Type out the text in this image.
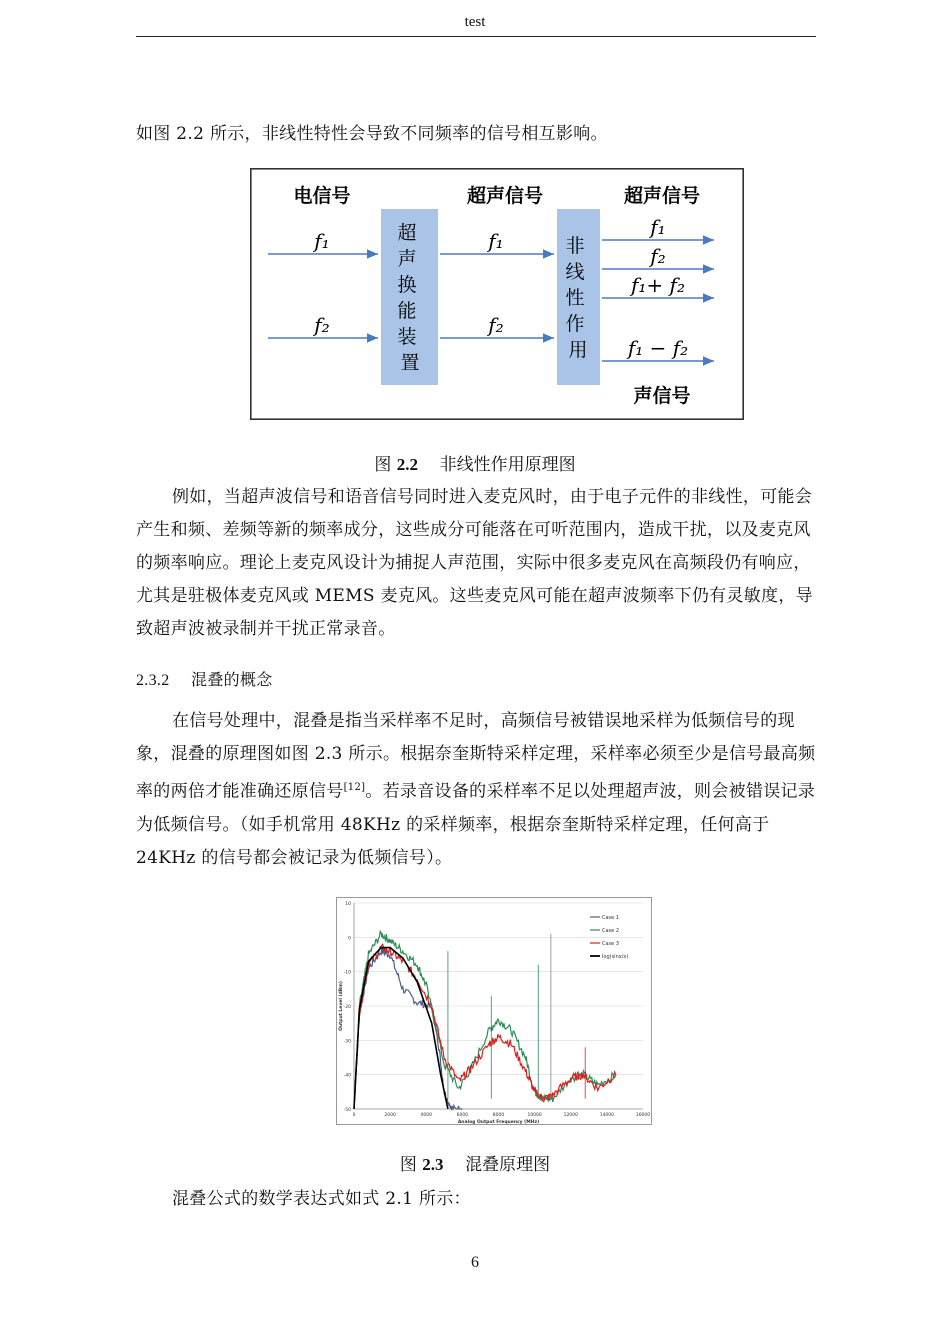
test
如图 2.2 所示，非线性特性会导致不同频率的信号相互影响。
电信号	超声信号	超声信号
超 声 换 能 装 置
非 线 性 作 用
f₁
f₂
f₁
f₂
f₁
f₂
f₁+ f₂
f₁ − f₂
声信号
图 2.2 非线性作用原理图
例如，当超声波信号和语音信号同时进入麦克风时，由于电子元件的非线性，可能会产生和频、差频等新的频率成分，这些成分可能落在可听范围内，造成干扰，以及麦克风的频率响应。理论上麦克风设计为捕捉人声范围，实际中很多麦克风在高频段仍有响应，尤其是驻极体麦克风或 MEMS 麦克风。这些麦克风可能在超声波频率下仍有灵敏度，导致超声波被录制并干扰正常录音。
2.3.2 混叠的概念
在信号处理中，混叠是指当采样率不足时，高频信号被错误地采样为低频信号的现象，混叠的原理图如图 2.3 所示。根据奈奎斯特采样定理，采样率必须至少是信号最高频率的两倍才能准确还原信号[12]。若录音设备的采样率不足以处理超声波，则会被错误记录为低频信号。（如手机常用 48KHz 的采样频率，根据奈奎斯特采样定理，任何高于 24KHz 的信号都会被记录为低频信号）。
10
0
-10
-20
-30
-40
-50
0	2000	4000	6000	8000	10000	12000	14000	16000
Analog Output Frequency (MHz)
Output Level (dBm)
Case 1
Case 2
Case 3
log(sinx/x)
图 2.3 混叠原理图
混叠公式的数学表达式如式 2.1 所示：
6
